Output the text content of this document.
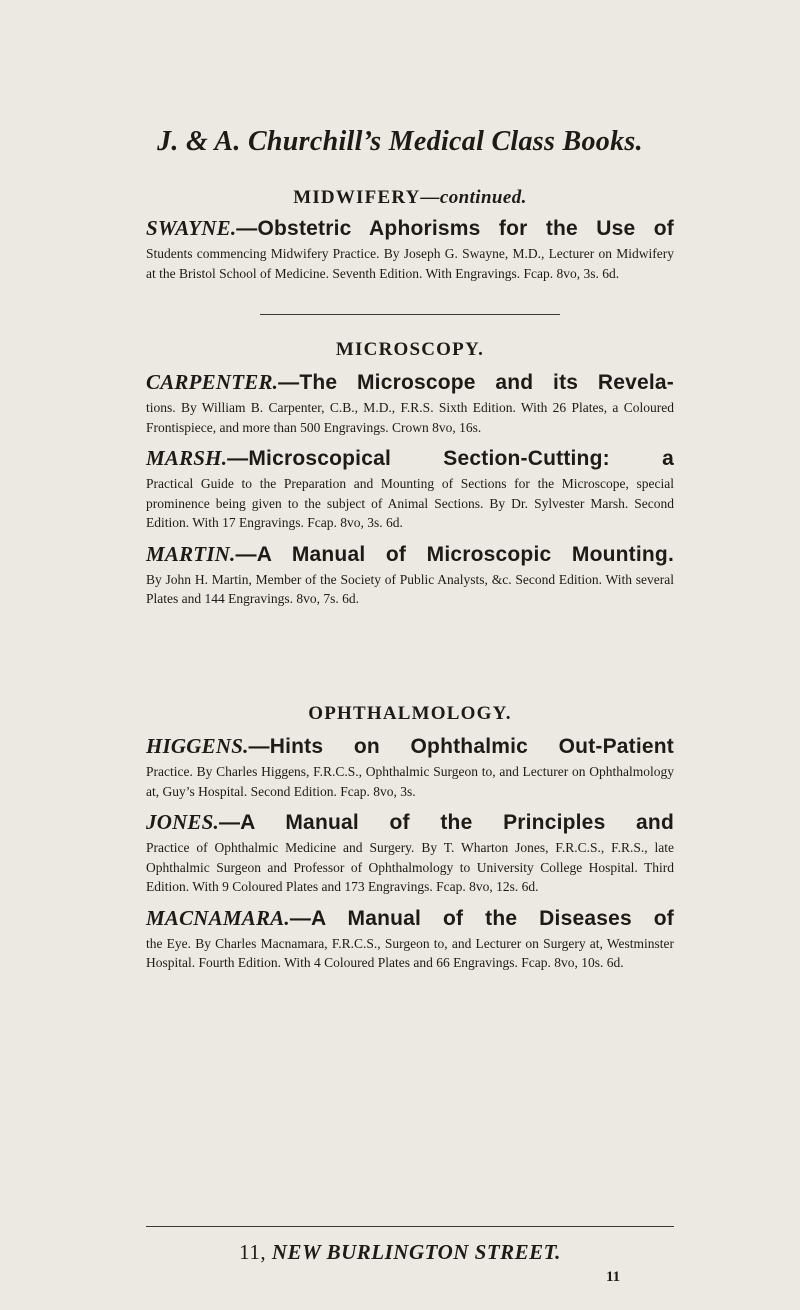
J. & A. Churchill’s Medical Class Books.
MIDWIFERY—continued.
SWAYNE.—Obstetric Aphorisms for the Use of
Students commencing Midwifery Practice. By Joseph G. Swayne, M.D., Lecturer on Midwifery at the Bristol School of Medicine. Seventh Edition. With Engravings. Fcap. 8vo, 3s. 6d.
MICROSCOPY.
CARPENTER.—The Microscope and its Revela-
tions. By William B. Carpenter, C.B., M.D., F.R.S. Sixth Edition. With 26 Plates, a Coloured Frontispiece, and more than 500 Engravings. Crown 8vo, 16s.
MARSH.—Microscopical Section-Cutting: a
Practical Guide to the Preparation and Mounting of Sections for the Microscope, special prominence being given to the subject of Animal Sections. By Dr. Sylvester Marsh. Second Edition. With 17 Engravings. Fcap. 8vo, 3s. 6d.
MARTIN.—A Manual of Microscopic Mounting.
By John H. Martin, Member of the Society of Public Analysts, &c. Second Edition. With several Plates and 144 Engravings. 8vo, 7s. 6d.
OPHTHALMOLOGY.
HIGGENS.—Hints on Ophthalmic Out-Patient
Practice. By Charles Higgens, F.R.C.S., Ophthalmic Surgeon to, and Lecturer on Ophthalmology at, Guy’s Hospital. Second Edition. Fcap. 8vo, 3s.
JONES.—A Manual of the Principles and
Practice of Ophthalmic Medicine and Surgery. By T. Wharton Jones, F.R.C.S., F.R.S., late Ophthalmic Surgeon and Professor of Ophthalmology to University College Hospital. Third Edition. With 9 Coloured Plates and 173 Engravings. Fcap. 8vo, 12s. 6d.
MACNAMARA.—A Manual of the Diseases of
the Eye. By Charles Macnamara, F.R.C.S., Surgeon to, and Lecturer on Surgery at, Westminster Hospital. Fourth Edition. With 4 Coloured Plates and 66 Engravings. Fcap. 8vo, 10s. 6d.
11, NEW BURLINGTON STREET.
11
